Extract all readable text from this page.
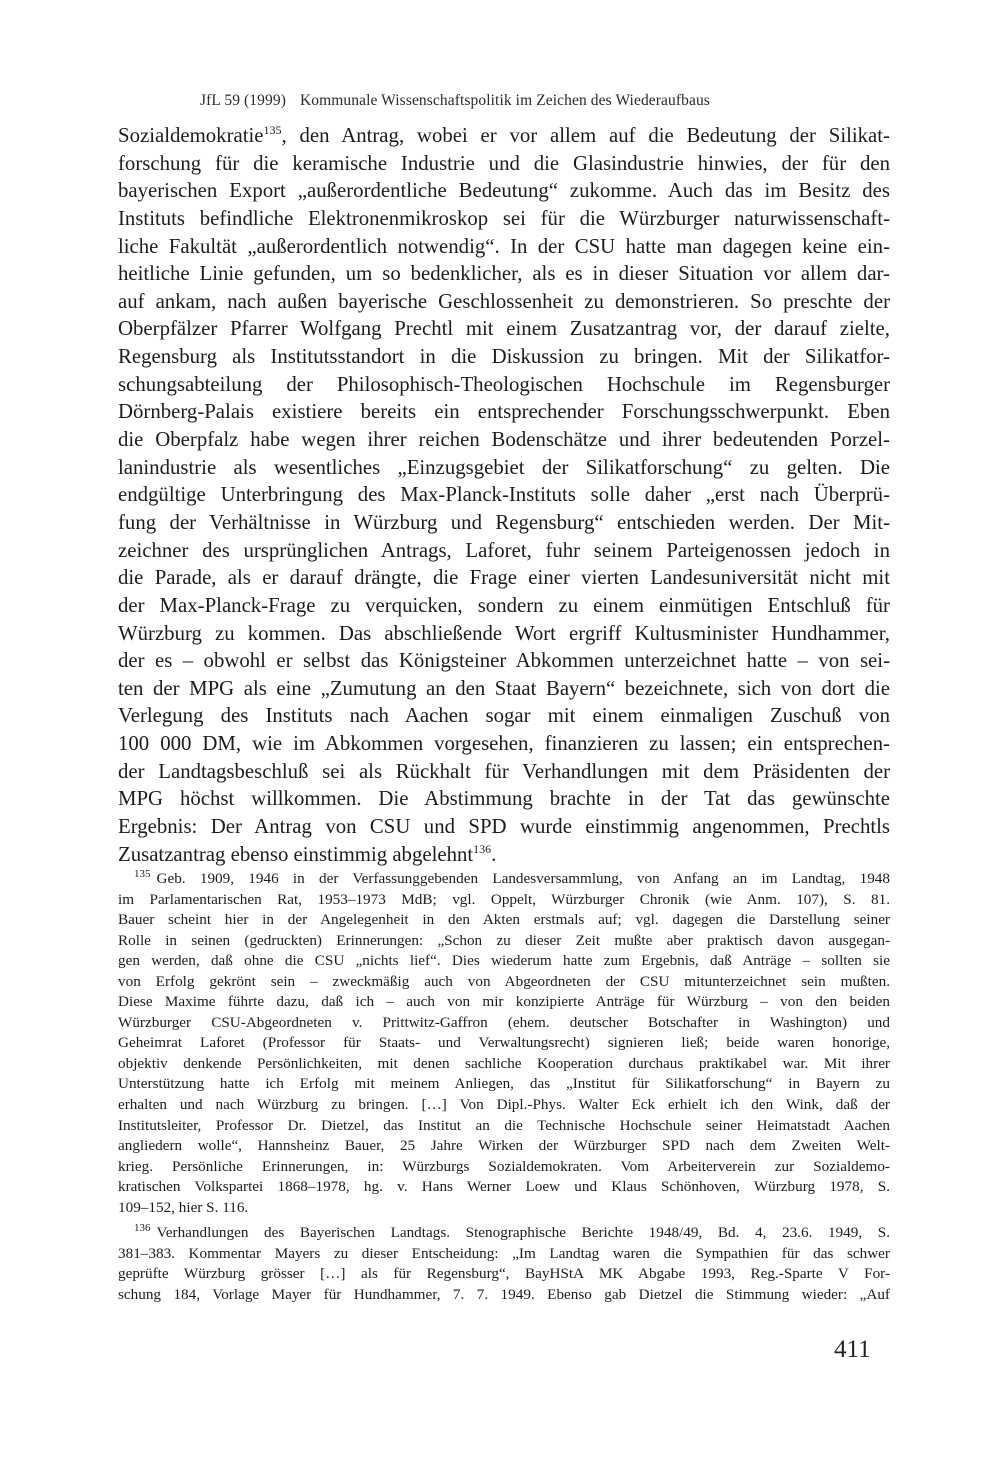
JfL 59 (1999) Kommunale Wissenschaftspolitik im Zeichen des Wiederaufbaus
Sozialdemokratie$^{135}$, den Antrag, wobei er vor allem auf die Bedeutung der Silikat-
forschung für die keramische Industrie und die Glasindustrie hinwies, der für den
bayerischen Export „außerordentliche Bedeutung“ zukomme. Auch das im Besitz des
Instituts befindliche Elektronenmikroskop sei für die Würzburger naturwissenschaft-
liche Fakultät „außerordentlich notwendig“. In der CSU hatte man dagegen keine ein-
heitliche Linie gefunden, um so bedenklicher, als es in dieser Situation vor allem dar-
auf ankam, nach außen bayerische Geschlossenheit zu demonstrieren. So preschte der
Oberpfälzer Pfarrer Wolfgang Prechtl mit einem Zusatzantrag vor, der darauf zielte,
Regensburg als Institutsstandort in die Diskussion zu bringen. Mit der Silikatfor-
schungsabteilung der Philosophisch-Theologischen Hochschule im Regensburger
Dörnberg-Palais existiere bereits ein entsprechender Forschungsschwerpunkt. Eben
die Oberpfalz habe wegen ihrer reichen Bodenschätze und ihrer bedeutenden Porzel-
lanindustrie als wesentliches „Einzugsgebiet der Silikatforschung“ zu gelten. Die
endgültige Unterbringung des Max-Planck-Instituts solle daher „erst nach Überprü-
fung der Verhältnisse in Würzburg und Regensburg“ entschieden werden. Der Mit-
zeichner des ursprünglichen Antrags, Laforet, fuhr seinem Parteigenossen jedoch in
die Parade, als er darauf drängte, die Frage einer vierten Landesuniversität nicht mit
der Max-Planck-Frage zu verquicken, sondern zu einem einmütigen Entschluß für
Würzburg zu kommen. Das abschließende Wort ergriff Kultusminister Hundhammer,
der es – obwohl er selbst das Königsteiner Abkommen unterzeichnet hatte – von sei-
ten der MPG als eine „Zumutung an den Staat Bayern“ bezeichnete, sich von dort die
Verlegung des Instituts nach Aachen sogar mit einem einmaligen Zuschuß von
100 000 DM, wie im Abkommen vorgesehen, finanzieren zu lassen; ein entsprechen-
der Landtagsbeschluß sei als Rückhalt für Verhandlungen mit dem Präsidenten der
MPG höchst willkommen. Die Abstimmung brachte in der Tat das gewünschte
Ergebnis: Der Antrag von CSU und SPD wurde einstimmig angenommen, Prechtls
Zusatzantrag ebenso einstimmig abgelehnt$^{136}$.
$^{135}$ Geb. 1909, 1946 in der Verfassunggebenden Landesversammlung, von Anfang an im Landtag, 1948
im Parlamentarischen Rat, 1953–1973 MdB; vgl. Oppelt, Würzburger Chronik (wie Anm. 107), S. 81.
Bauer scheint hier in der Angelegenheit in den Akten erstmals auf; vgl. dagegen die Darstellung seiner
Rolle in seinen (gedruckten) Erinnerungen: „Schon zu dieser Zeit mußte aber praktisch davon ausgegan-
gen werden, daß ohne die CSU „nichts lief“. Dies wiederum hatte zum Ergebnis, daß Anträge – sollten sie
von Erfolg gekrönt sein – zweckmäßig auch von Abgeordneten der CSU mitunterzeichnet sein mußten.
Diese Maxime führte dazu, daß ich – auch von mir konzipierte Anträge für Würzburg – von den beiden
Würzburger CSU-Abgeordneten v. Prittwitz-Gaffron (ehem. deutscher Botschafter in Washington) und
Geheimrat Laforet (Professor für Staats- und Verwaltungsrecht) signieren ließ; beide waren honorige,
objektiv denkende Persönlichkeiten, mit denen sachliche Kooperation durchaus praktikabel war. Mit ihrer
Unterstützung hatte ich Erfolg mit meinem Anliegen, das „Institut für Silikatforschung“ in Bayern zu
erhalten und nach Würzburg zu bringen. […] Von Dipl.-Phys. Walter Eck erhielt ich den Wink, daß der
Institutsleiter, Professor Dr. Dietzel, das Institut an die Technische Hochschule seiner Heimatstadt Aachen
angliedern wolle“, Hannsheinz Bauer, 25 Jahre Wirken der Würzburger SPD nach dem Zweiten Welt-
krieg. Persönliche Erinnerungen, in: Würzburgs Sozialdemokraten. Vom Arbeiterverein zur Sozialdemo-
kratischen Volkspartei 1868–1978, hg. v. Hans Werner Loew und Klaus Schönhoven, Würzburg 1978, S.
109–152, hier S. 116.
$^{136}$ Verhandlungen des Bayerischen Landtags. Stenographische Berichte 1948/49, Bd. 4, 23.6. 1949, S.
381–383. Kommentar Mayers zu dieser Entscheidung: „Im Landtag waren die Sympathien für das schwer
geprüfte Würzburg grösser […] als für Regensburg“, BayHStA MK Abgabe 1993, Reg.-Sparte V For-
schung 184, Vorlage Mayer für Hundhammer, 7. 7. 1949. Ebenso gab Dietzel die Stimmung wieder: „Auf
411
